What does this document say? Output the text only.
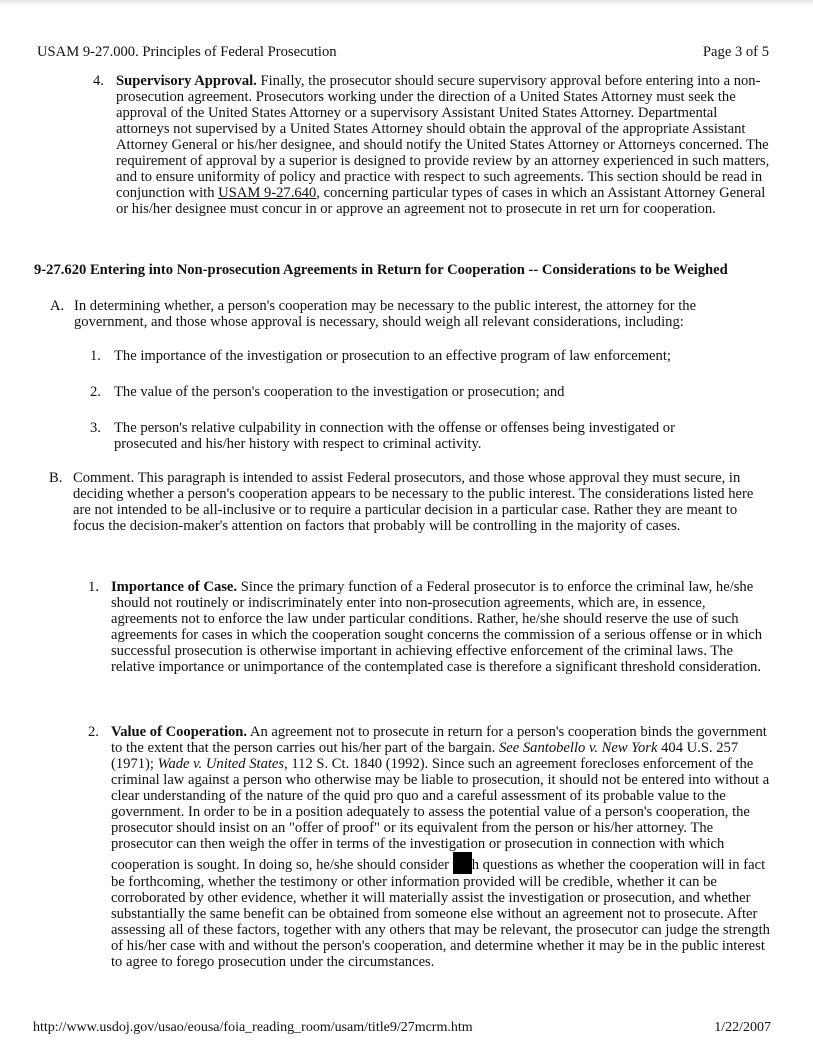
USAM 9-27.000. Principles of Federal Prosecution	Page 3 of 5
4. Supervisory Approval. Finally, the prosecutor should secure supervisory approval before entering into a non-prosecution agreement. Prosecutors working under the direction of a United States Attorney must seek the approval of the United States Attorney or a supervisory Assistant United States Attorney. Departmental attorneys not supervised by a United States Attorney should obtain the approval of the appropriate Assistant Attorney General or his/her designee, and should notify the United States Attorney or Attorneys concerned. The requirement of approval by a superior is designed to provide review by an attorney experienced in such matters, and to ensure uniformity of policy and practice with respect to such agreements. This section should be read in conjunction with USAM 9-27.640, concerning particular types of cases in which an Assistant Attorney General or his/her designee must concur in or approve an agreement not to prosecute in ret urn for cooperation.

9-27.620 Entering into Non-prosecution Agreements in Return for Cooperation -- Considerations to be Weighed
A. In determining whether, a person's cooperation may be necessary to the public interest, the attorney for the government, and those whose approval is necessary, should weigh all relevant considerations, including:

1. The importance of the investigation or prosecution to an effective program of law enforcement;

2. The value of the person's cooperation to the investigation or prosecution; and

3. The person's relative culpability in connection with the offense or offenses being investigated or prosecuted and his/her history with respect to criminal activity.

B. Comment. This paragraph is intended to assist Federal prosecutors, and those whose approval they must secure, in deciding whether a person's cooperation appears to be necessary to the public interest. The considerations listed here are not intended to be all-inclusive or to require a particular decision in a particular case. Rather they are meant to focus the decision-maker's attention on factors that probably will be controlling in the majority of cases.

1. Importance of Case. Since the primary function of a Federal prosecutor is to enforce the criminal law, he/she should not routinely or indiscriminately enter into non-prosecution agreements, which are, in essence, agreements not to enforce the law under particular conditions. Rather, he/she should reserve the use of such agreements for cases in which the cooperation sought concerns the commission of a serious offense or in which successful prosecution is otherwise important in achieving effective enforcement of the criminal laws. The relative importance or unimportance of the contemplated case is therefore a significant threshold consideration.

2. Value of Cooperation. An agreement not to prosecute in return for a person's cooperation binds the government to the extent that the person carries out his/her part of the bargain. See Santobello v. New York 404 U.S. 257 (1971); Wade v. United States, 112 S. Ct. 1840 (1992). Since such an agreement forecloses enforcement of the criminal law against a person who otherwise may be liable to prosecution, it should not be entered into without a clear understanding of the nature of the quid pro quo and a careful assessment of its probable value to the government. In order to be in a position adequately to assess the potential value of a person's cooperation, the prosecutor should insist on an "offer of proof" or its equivalent from the person or his/her attorney. The prosecutor can then weigh the offer in terms of the investigation or prosecution in connection with which cooperation is sought. In doing so, he/she should consider h questions as whether the cooperation will in fact be forthcoming, whether the testimony or other information provided will be credible, whether it can be corroborated by other evidence, whether it will materially assist the investigation or prosecution, and whether substantially the same benefit can be obtained from someone else without an agreement not to prosecute. After assessing all of these factors, together with any others that may be relevant, the prosecutor can judge the strength of his/her case with and without the person's cooperation, and determine whether it may be in the public interest to agree to forego prosecution under the circumstances.

http://www.usdoj.gov/usao/eousa/foia_reading_room/usam/title9/27mcrm.htm	1/22/2007
